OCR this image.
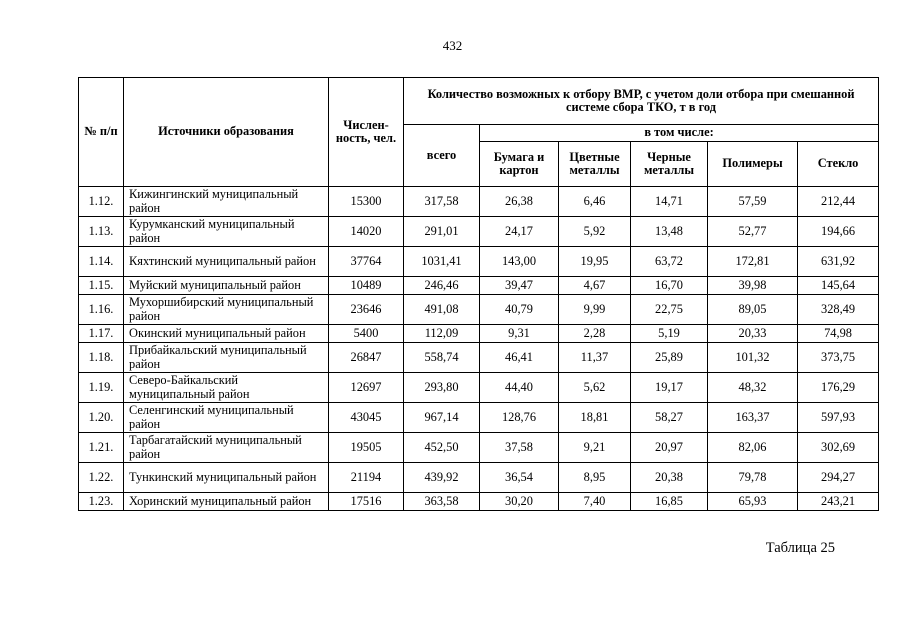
432
№ п/п	Источники образования	Числен-ность, чел.	Количество возможных к отбору ВМР, с учетом доли отбора при смешанной системе сбора ТКО, т в год					
			всего	в том числе:				
				Бумага и картон	Цветные металлы	Черные металлы	Полимеры	Стекло
1.12.	Кижингинский муниципальный район	15300	317,58	26,38	6,46	14,71	57,59	212,44
1.13.	Курумканский муниципальный район	14020	291,01	24,17	5,92	13,48	52,77	194,66
1.14.	Кяхтинский муниципальный район	37764	1031,41	143,00	19,95	63,72	172,81	631,92
1.15.	Муйский муниципальный район	10489	246,46	39,47	4,67	16,70	39,98	145,64
1.16.	Мухоршибирский муниципальный район	23646	491,08	40,79	9,99	22,75	89,05	328,49
1.17.	Окинский муниципальный район	5400	112,09	9,31	2,28	5,19	20,33	74,98
1.18.	Прибайкальский муниципальный район	26847	558,74	46,41	11,37	25,89	101,32	373,75
1.19.	Северо-Байкальский муниципальный район	12697	293,80	44,40	5,62	19,17	48,32	176,29
1.20.	Селенгинский муниципальный район	43045	967,14	128,76	18,81	58,27	163,37	597,93
1.21.	Тарбагатайский муниципальный район	19505	452,50	37,58	9,21	20,97	82,06	302,69
1.22.	Тункинский муниципальный район	21194	439,92	36,54	8,95	20,38	79,78	294,27
1.23.	Хоринский муниципальный район	17516	363,58	30,20	7,40	16,85	65,93	243,21
Таблица 25
